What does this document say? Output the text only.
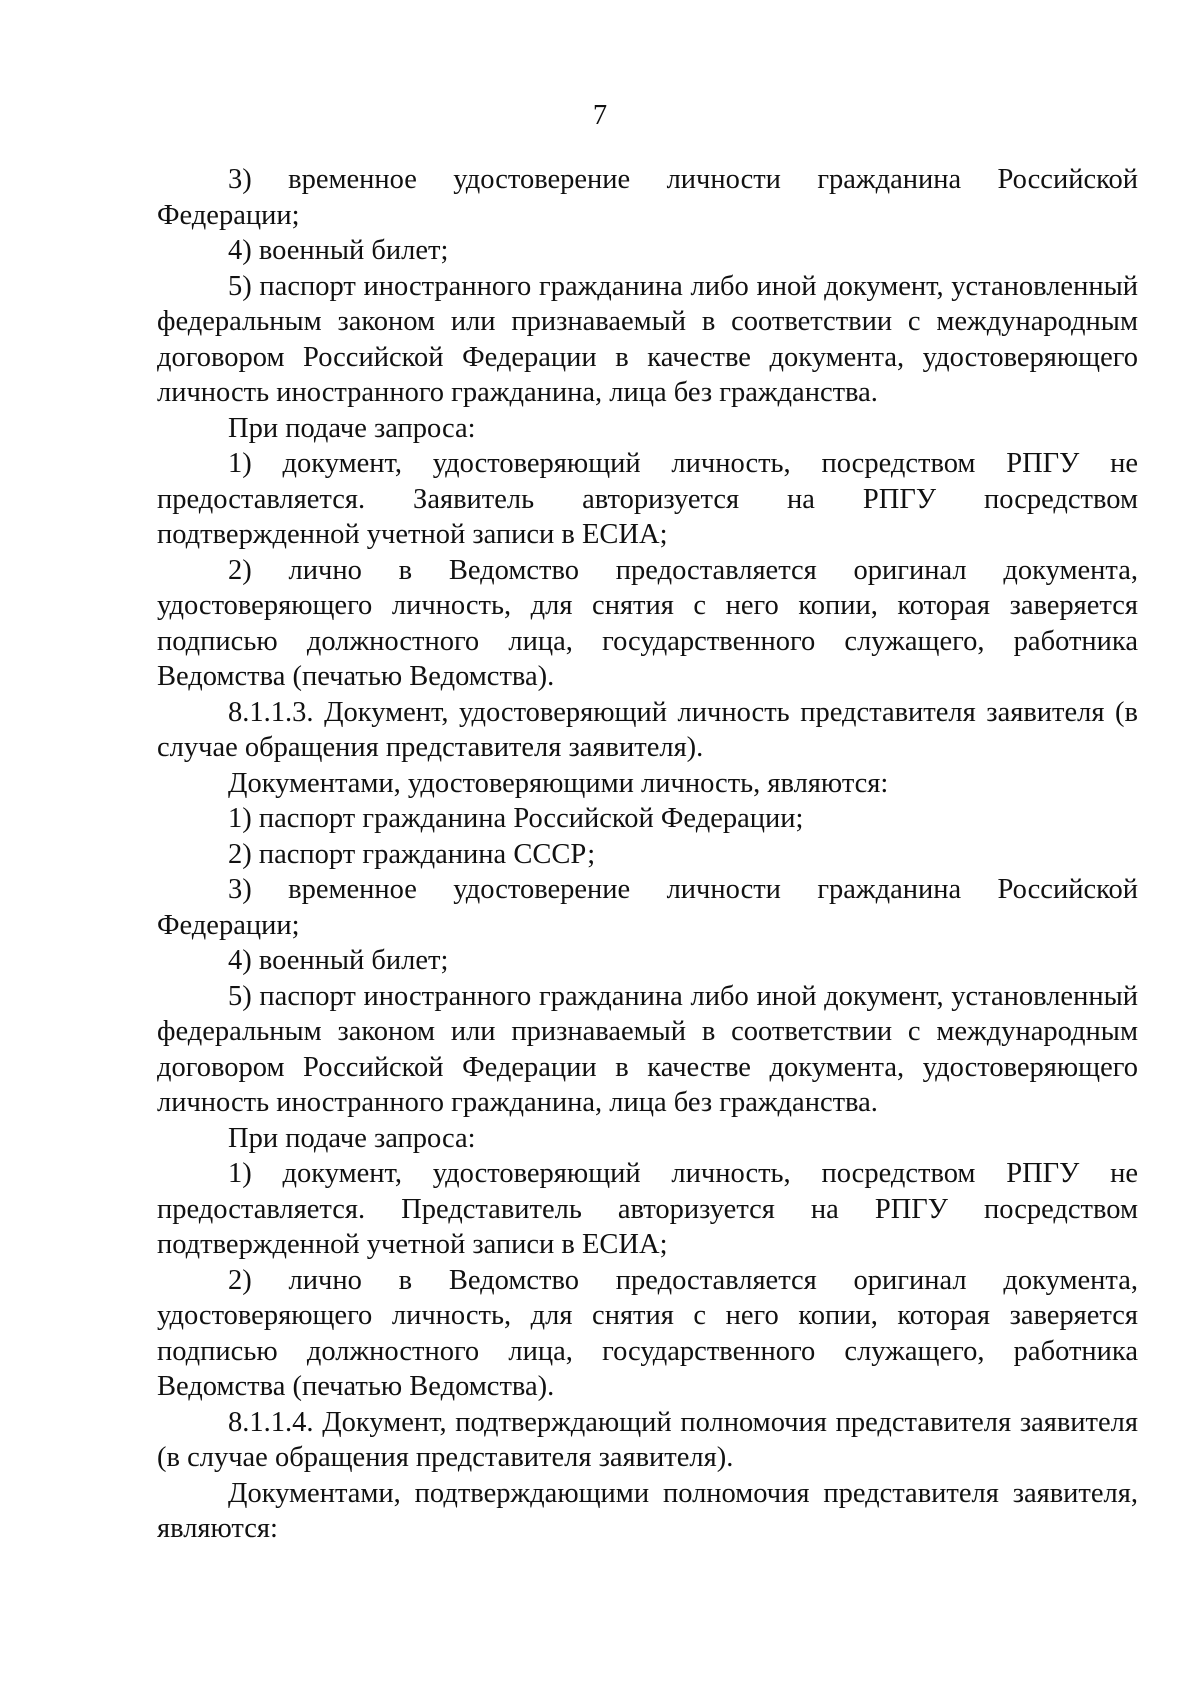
7

3) временное удостоверение личности гражданина Российской Федерации;

4) военный билет;

5) паспорт иностранного гражданина либо иной документ, установленный федеральным законом или признаваемый в соответствии с международным договором Российской Федерации в качестве документа, удостоверяющего личность иностранного гражданина, лица без гражданства.

При подаче запроса:

1) документ, удостоверяющий личность, посредством РПГУ не предоставляется. Заявитель авторизуется на РПГУ посредством подтвержденной учетной записи в ЕСИА;

2) лично в Ведомство предоставляется оригинал документа, удостоверяющего личность, для снятия с него копии, которая заверяется подписью должностного лица, государственного служащего, работника Ведомства (печатью Ведомства).

8.1.1.3. Документ, удостоверяющий личность представителя заявителя (в случае обращения представителя заявителя).

Документами, удостоверяющими личность, являются:

1) паспорт гражданина Российской Федерации;

2) паспорт гражданина СССР;

3) временное удостоверение личности гражданина Российской Федерации;

4) военный билет;

5) паспорт иностранного гражданина либо иной документ, установленный федеральным законом или признаваемый в соответствии с международным договором Российской Федерации в качестве документа, удостоверяющего личность иностранного гражданина, лица без гражданства.

При подаче запроса:

1) документ, удостоверяющий личность, посредством РПГУ не предоставляется. Представитель авторизуется на РПГУ посредством подтвержденной учетной записи в ЕСИА;

2) лично в Ведомство предоставляется оригинал документа, удостоверяющего личность, для снятия с него копии, которая заверяется подписью должностного лица, государственного служащего, работника Ведомства (печатью Ведомства).

8.1.1.4. Документ, подтверждающий полномочия представителя заявителя (в случае обращения представителя заявителя).

Документами, подтверждающими полномочия представителя заявителя, являются:
